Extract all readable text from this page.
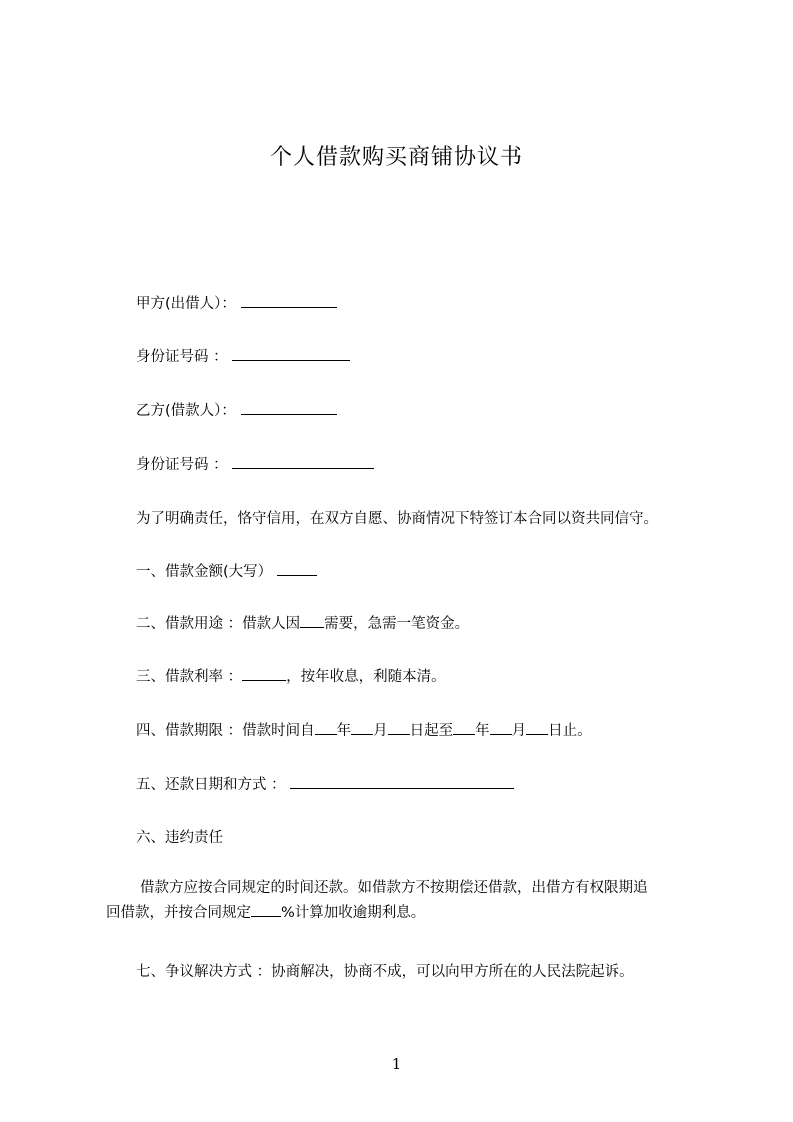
个人借款购买商铺协议书
甲方(出借人）：
身份证号码 ：
乙方(借款人）：
身份证号码 ：
为了明确责任，恪守信用，在双方自愿、协商情况下特签订本合同以资共同信守。
一、借款金额(大写）
二、借款用途 ：借款人因 需要，急需一笔资金。
三、借款利率 ：	，按年收息，利随本清。
四、借款期限 ：借款时间自 年 月 日起至 年 月 日止。
五、还款日期和方式 ：
六、违约责任
借款方应按合同规定的时间还款。如借款方不按期偿还借款，出借方有权限期追
回借款，并按合同规定 %计算加收逾期利息。
七、争议解决方式 ：协商解决，协商不成，可以向甲方所在的人民法院起诉。
1
